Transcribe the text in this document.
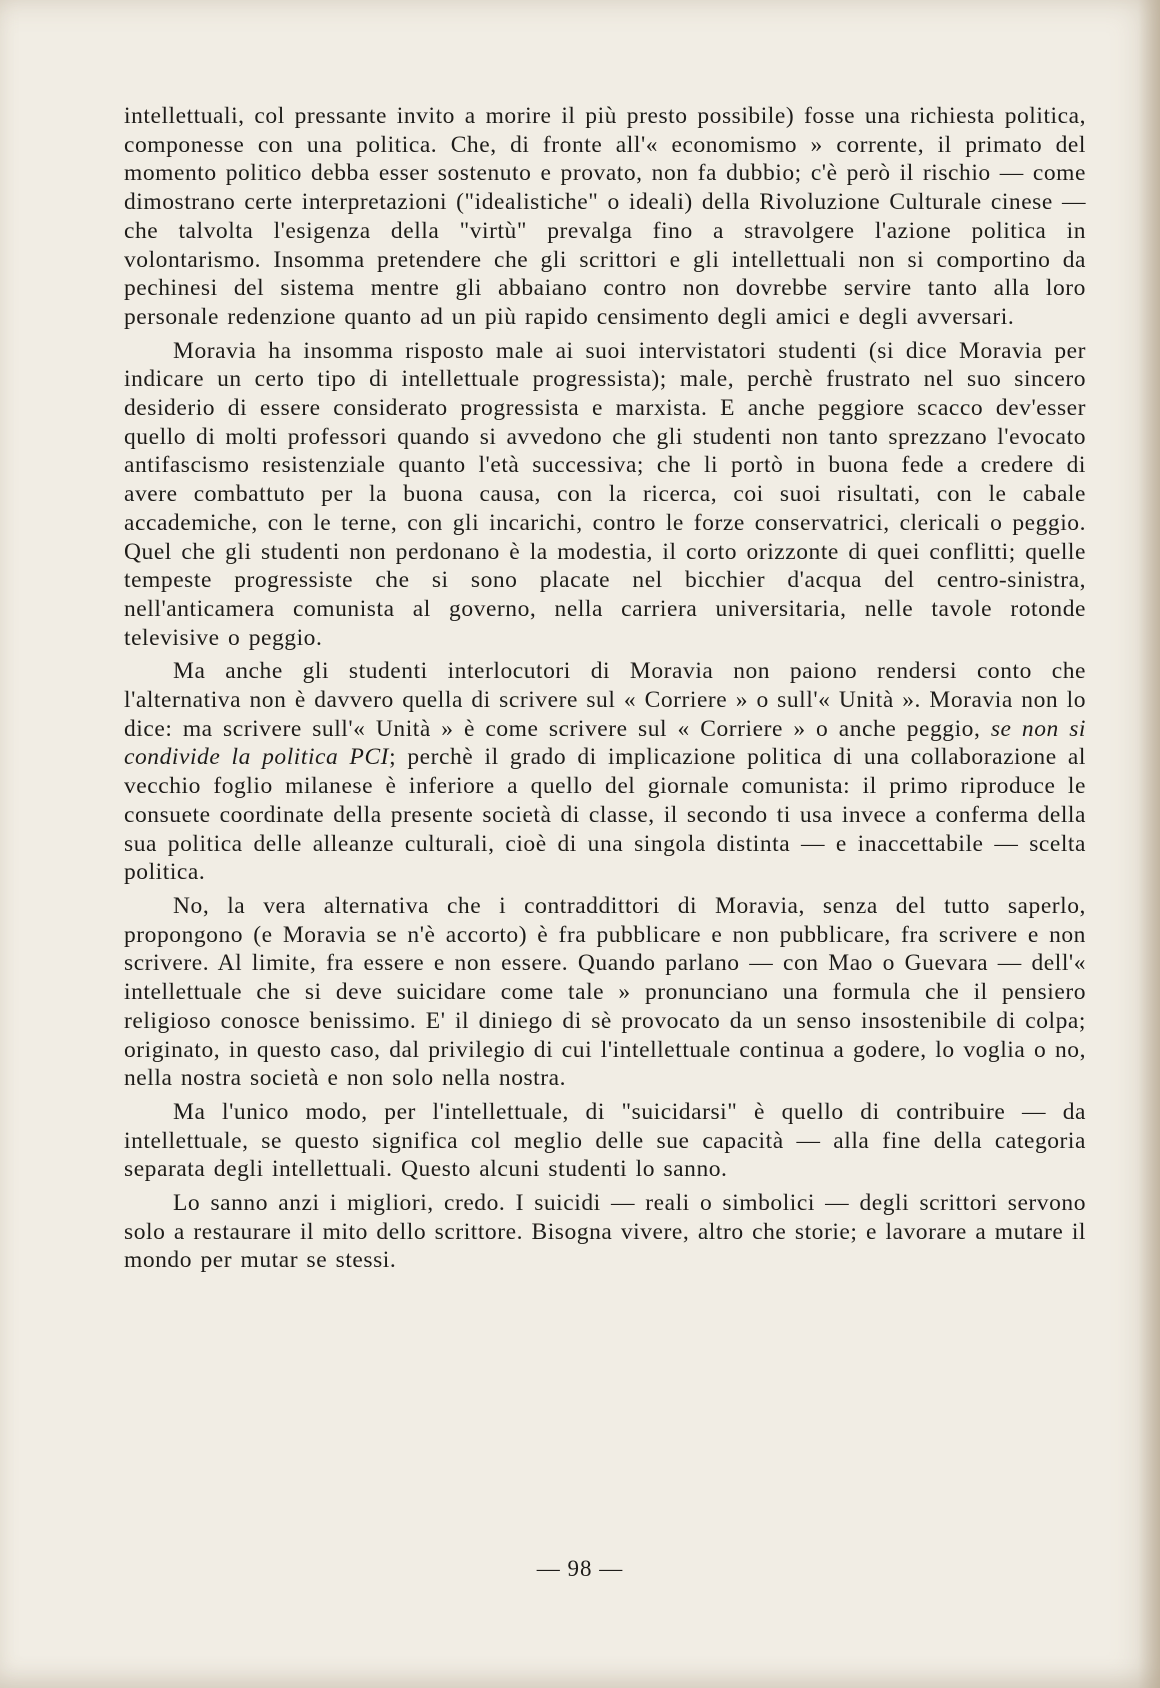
intellettuali, col pressante invito a morire il più presto possibile) fosse una richiesta politica, componesse con una politica. Che, di fronte all'« economismo » corrente, il primato del momento politico debba esser sostenuto e provato, non fa dubbio; c'è però il rischio — come dimostrano certe interpretazioni ("idealistiche" o ideali) della Rivoluzione Culturale cinese — che talvolta l'esigenza della "virtù" prevalga fino a stravolgere l'azione politica in volontarismo. Insomma pretendere che gli scrittori e gli intellettuali non si comportino da pechinesi del sistema mentre gli abbaiano contro non dovrebbe servire tanto alla loro personale redenzione quanto ad un più rapido censimento degli amici e degli avversari.

Moravia ha insomma risposto male ai suoi intervistatori studenti (si dice Moravia per indicare un certo tipo di intellettuale progressista); male, perchè frustrato nel suo sincero desiderio di essere considerato progressista e marxista. E anche peggiore scacco dev'esser quello di molti professori quando si avvedono che gli studenti non tanto sprezzano l'evocato antifascismo resistenziale quanto l'età successiva; che li portò in buona fede a credere di avere combattuto per la buona causa, con la ricerca, coi suoi risultati, con le cabale accademiche, con le terne, con gli incarichi, contro le forze conservatrici, clericali o peggio. Quel che gli studenti non perdonano è la modestia, il corto orizzonte di quei conflitti; quelle tempeste progressiste che si sono placate nel bicchier d'acqua del centro-sinistra, nell'anticamera comunista al governo, nella carriera universitaria, nelle tavole rotonde televisive o peggio.

Ma anche gli studenti interlocutori di Moravia non paiono rendersi conto che l'alternativa non è davvero quella di scrivere sul « Corriere » o sull'« Unità ». Moravia non lo dice: ma scrivere sull'« Unità » è come scrivere sul « Corriere » o anche peggio, se non si condivide la politica PCI; perchè il grado di implicazione politica di una collaborazione al vecchio foglio milanese è inferiore a quello del giornale comunista: il primo riproduce le consuete coordinate della presente società di classe, il secondo ti usa invece a conferma della sua politica delle alleanze culturali, cioè di una singola distinta — e inaccettabile — scelta politica.

No, la vera alternativa che i contraddittori di Moravia, senza del tutto saperlo, propongono (e Moravia se n'è accorto) è fra pubblicare e non pubblicare, fra scrivere e non scrivere. Al limite, fra essere e non essere. Quando parlano — con Mao o Guevara — dell'« intellettuale che si deve suicidare come tale » pronunciano una formula che il pensiero religioso conosce benissimo. E' il diniego di sè provocato da un senso insostenibile di colpa; originato, in questo caso, dal privilegio di cui l'intellettuale continua a godere, lo voglia o no, nella nostra società e non solo nella nostra.

Ma l'unico modo, per l'intellettuale, di "suicidarsi" è quello di contribuire — da intellettuale, se questo significa col meglio delle sue capacità — alla fine della categoria separata degli intellettuali. Questo alcuni studenti lo sanno.

Lo sanno anzi i migliori, credo. I suicidi — reali o simbolici — degli scrittori servono solo a restaurare il mito dello scrittore. Bisogna vivere, altro che storie; e lavorare a mutare il mondo per mutar se stessi.

— 98 —
